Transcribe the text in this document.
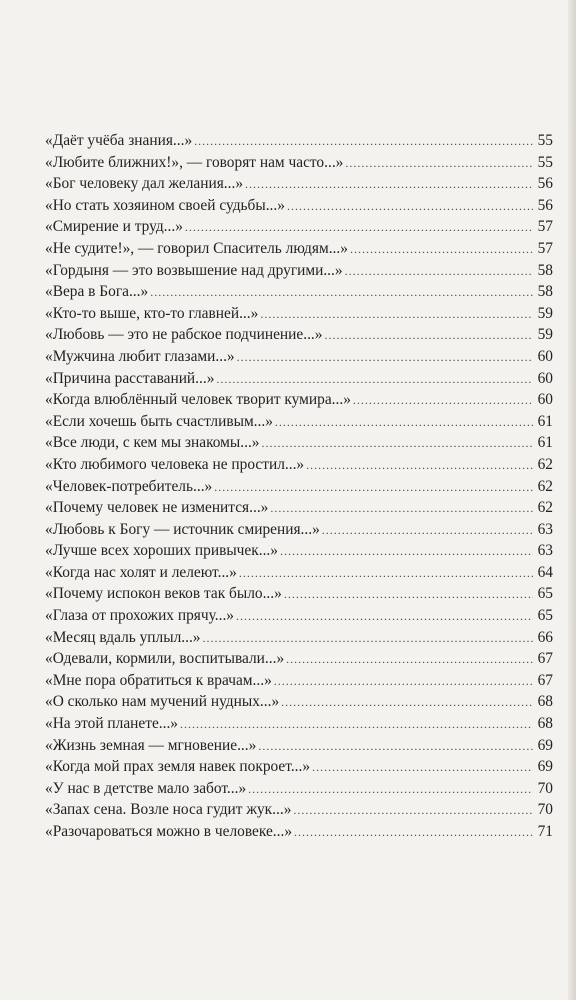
«Даёт учёба знания...» .....	55
«Любите ближних!», — говорят нам часто...» .....	55
«Бог человеку дал желания...» .....	56
«Но стать хозяином своей судьбы...» .....	56
«Смирение и труд...» .....	57
«Не судите!», — говорил Спаситель людям...» .....	57
«Гордыня — это возвышение над другими...» .....	58
«Вера в Бога...» .....	58
«Кто-то выше, кто-то главней...» .....	59
«Любовь — это не рабское подчинение...» .....	59
«Мужчина любит глазами...» .....	60
«Причина расставаний...» .....	60
«Когда влюблённый человек творит кумира...» .....	60
«Если хочешь быть счастливым...» .....	61
«Все люди, с кем мы знакомы...» .....	61
«Кто любимого человека не простил...» .....	62
«Человек-потребитель...» .....	62
«Почему человек не изменится...» .....	62
«Любовь к Богу — источник смирения...» .....	63
«Лучше всех хороших привычек...» .....	63
«Когда нас холят и лелеют...» .....	64
«Почему испокон веков так было...» .....	65
«Глаза от прохожих прячу...» .....	65
«Месяц вдаль уплыл...» .....	66
«Одевали, кормили, воспитывали...» .....	67
«Мне пора обратиться к врачам...» .....	67
«О сколько нам мучений нудных...» .....	68
«На этой планете...» .....	68
«Жизнь земная — мгновение...» .....	69
«Когда мой прах земля навек покроет...» .....	69
«У нас в детстве мало забот...» .....	70
«Запах сена. Возле носа гудит жук...» .....	70
«Разочароваться можно в человеке...» .....	71
